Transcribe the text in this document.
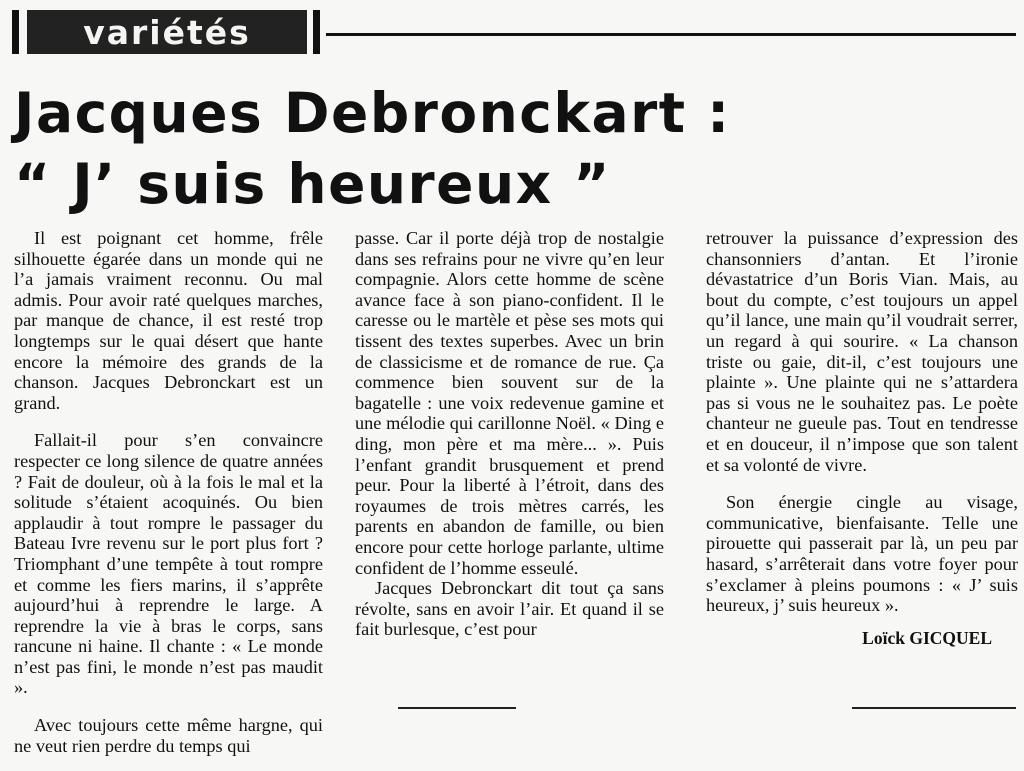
variétés
Jacques Debronckart :
“ J’ suis heureux ”

Il est poignant cet homme, frêle silhouette égarée dans un monde qui ne l’a jamais vraiment reconnu. Ou mal admis. Pour avoir raté quelques marches, par manque de chance, il est resté trop longtemps sur le quai désert que hante encore la mémoire des grands de la chanson. Jacques Debronckart est un grand.

Fallait-il pour s’en convaincre respecter ce long silence de quatre années ? Fait de douleur, où à la fois le mal et la solitude s’étaient acoquinés. Ou bien applaudir à tout rompre le passager du Bateau Ivre revenu sur le port plus fort ? Triomphant d’une tempête à tout rompre et comme les fiers marins, il s’apprête aujourd’hui à reprendre le large. A reprendre la vie à bras le corps, sans rancune ni haine. Il chante : « Le monde n’est pas fini, le monde n’est pas maudit ».

Avec toujours cette même hargne, qui ne veut rien perdre du temps qui

passe. Car il porte déjà trop de nostalgie dans ses refrains pour ne vivre qu’en leur compagnie. Alors cette homme de scène avance face à son piano-confident. Il le caresse ou le martèle et pèse ses mots qui tissent des textes superbes. Avec un brin de classicisme et de romance de rue. Ça commence bien souvent sur de la bagatelle : une voix redevenue gamine et une mélodie qui carillonne Noël. « Ding e ding, mon père et ma mère... ». Puis l’enfant grandit brusquement et prend peur. Pour la liberté à l’étroit, dans des royaumes de trois mètres carrés, les parents en abandon de famille, ou bien encore pour cette horloge parlante, ultime confident de l’homme esseulé.

Jacques Debronckart dit tout ça sans révolte, sans en avoir l’air. Et quand il se fait burlesque, c’est pour

retrouver la puissance d’expression des chansonniers d’antan. Et l’ironie dévastatrice d’un Boris Vian. Mais, au bout du compte, c’est toujours un appel qu’il lance, une main qu’il voudrait serrer, un regard à qui sourire. « La chanson triste ou gaie, dit-il, c’est toujours une plainte ». Une plainte qui ne s’attardera pas si vous ne le souhaitez pas. Le poète chanteur ne gueule pas. Tout en tendresse et en douceur, il n’impose que son talent et sa volonté de vivre.

Son énergie cingle au visage, communicative, bienfaisante. Telle une pirouette qui passerait par là, un peu par hasard, s’arrêterait dans votre foyer pour s’exclamer à pleins poumons : « J’ suis heureux, j’ suis heureux ».

Loïck GICQUEL
